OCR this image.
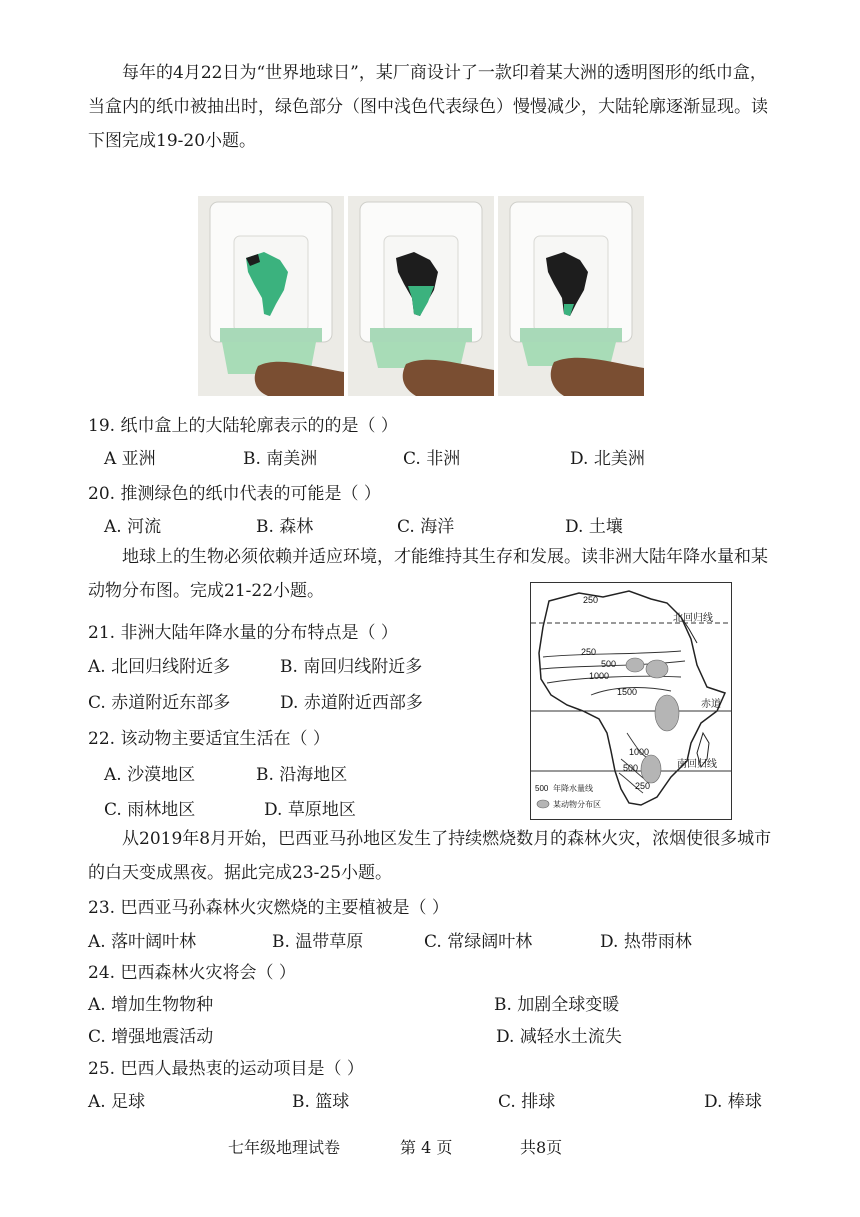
每年的4月22日为“世界地球日”，某厂商设计了一款印着某大洲的透明图形的纸巾盒，当盒内的纸巾被抽出时，绿色部分（图中浅色代表绿色）慢慢减少，大陆轮廓逐渐显现。读下图完成19-20小题。
19. 纸巾盒上的大陆轮廓表示的的是（ ）
A 亚洲	B. 南美洲	C. 非洲	D. 北美洲
20. 推测绿色的纸巾代表的可能是（ ）
A. 河流	B. 森林	C. 海洋	D. 土壤
地球上的生物必须依赖并适应环境，才能维持其生存和发展。读非洲大陆年降水量和某动物分布图。完成21-22小题。
21. 非洲大陆年降水量的分布特点是（ ）
A. 北回归线附近多	B. 南回归线附近多
C. 赤道附近东部多	D. 赤道附近西部多
22. 该动物主要适宜生活在（ ）
A. 沙漠地区	B. 沿海地区
C. 雨林地区	D. 草原地区
250
北回归线
250
500
1000
1500
赤道
1000
500
250
南回归线
500 年降水量线
某动物分布区
从2019年8月开始，巴西亚马孙地区发生了持续燃烧数月的森林火灾，浓烟使很多城市的白天变成黑夜。据此完成23-25小题。
23. 巴西亚马孙森林火灾燃烧的主要植被是（ ）
A. 落叶阔叶林	B. 温带草原	C. 常绿阔叶林	D. 热带雨林
24. 巴西森林火灾将会（ ）
A. 增加生物物种	B. 加剧全球变暖
C. 增强地震活动	D. 减轻水土流失
25. 巴西人最热衷的运动项目是（ ）
A. 足球	B. 篮球	C. 排球	D. 棒球
七年级地理试卷	第 4 页	共8页
